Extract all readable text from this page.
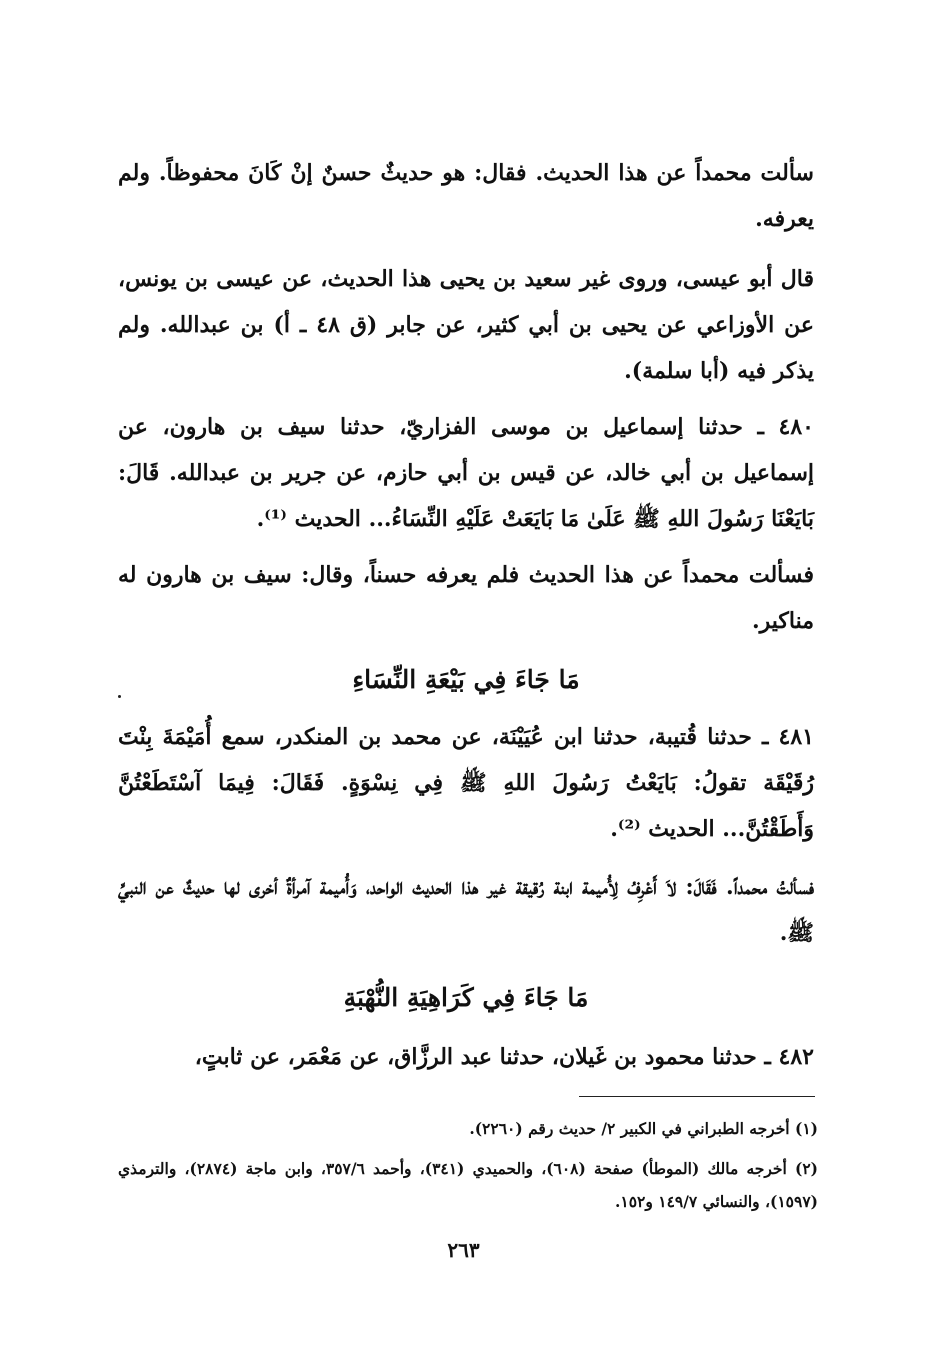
سألت محمداً عن هذا الحديث. فقال: هو حديثٌ حسنٌ إنْ كَانَ محفوظاً. ولم يعرفه.
قال أبو عيسى، وروى غير سعيد بن يحيى هذا الحديث، عن عيسى بن يونس، عن الأوزاعي عن يحيى بن أبي كثير، عن جابر (ق ٤٨ ـ أ) بن عبدالله. ولم يذكر فيه (أبا سلمة).
٤٨٠ ـ حدثنا إسماعيل بن موسى الفزاريّ، حدثنا سيف بن هارون، عن إسماعيل بن أبي خالد، عن قيس بن أبي حازم، عن جرير بن عبدالله. قَالَ: بَايَعْنَا رَسُولَ اللهِ ﷺ عَلَىٰ مَا بَايَعَتْ عَلَيْهِ النِّسَاءُ... الحديث ⁽¹⁾.
فسألت محمداً عن هذا الحديث فلم يعرفه حسناً، وقال: سيف بن هارون له مناكير.
مَا جَاءَ فِي بَيْعَةِ النِّسَاءِ
٤٨١ ـ حدثنا قُتيبة، حدثنا ابن عُيَيْنَة، عن محمد بن المنكدر، سمع أُمَيْمَةَ بِنْتَ رُقَيْقَة تقولُ: بَايَعْتُ رَسُولَ اللهِ ﷺ فِي نِسْوَةٍ. فَقَالَ: فِيمَا آسْتَطَعْتُنَّ وَأَطَقْتُنَّ... الحديث ⁽²⁾.
فسألتُ محمداً. فَقَالَ: لاَ أَعْرِفُ لِأُميمة ابنة رُقيقة غير هذا الحديث الواحد، وَأُميمة آمرأةٌ أخرى لها حديثٌ عن النبيِّ ﷺ.
مَا جَاءَ فِي كَرَاهِيَةِ النُّهْبَةِ
٤٨٢ ـ حدثنا محمود بن غَيلان، حدثنا عبد الرزَّاق، عن مَعْمَر، عن ثابتٍ،
(١) أخرجه الطبراني في الكبير ٢/ حديث رقم (٢٢٦٠).
(٢) أخرجه مالك (الموطأ) صفحة (٦٠٨)، والحميدي (٣٤١)، وأحمد ٣٥٧/٦، وابن ماجة (٢٨٧٤)، والترمذي (١٥٩٧)، والنسائي ١٤٩/٧ و١٥٢.
٢٦٣
